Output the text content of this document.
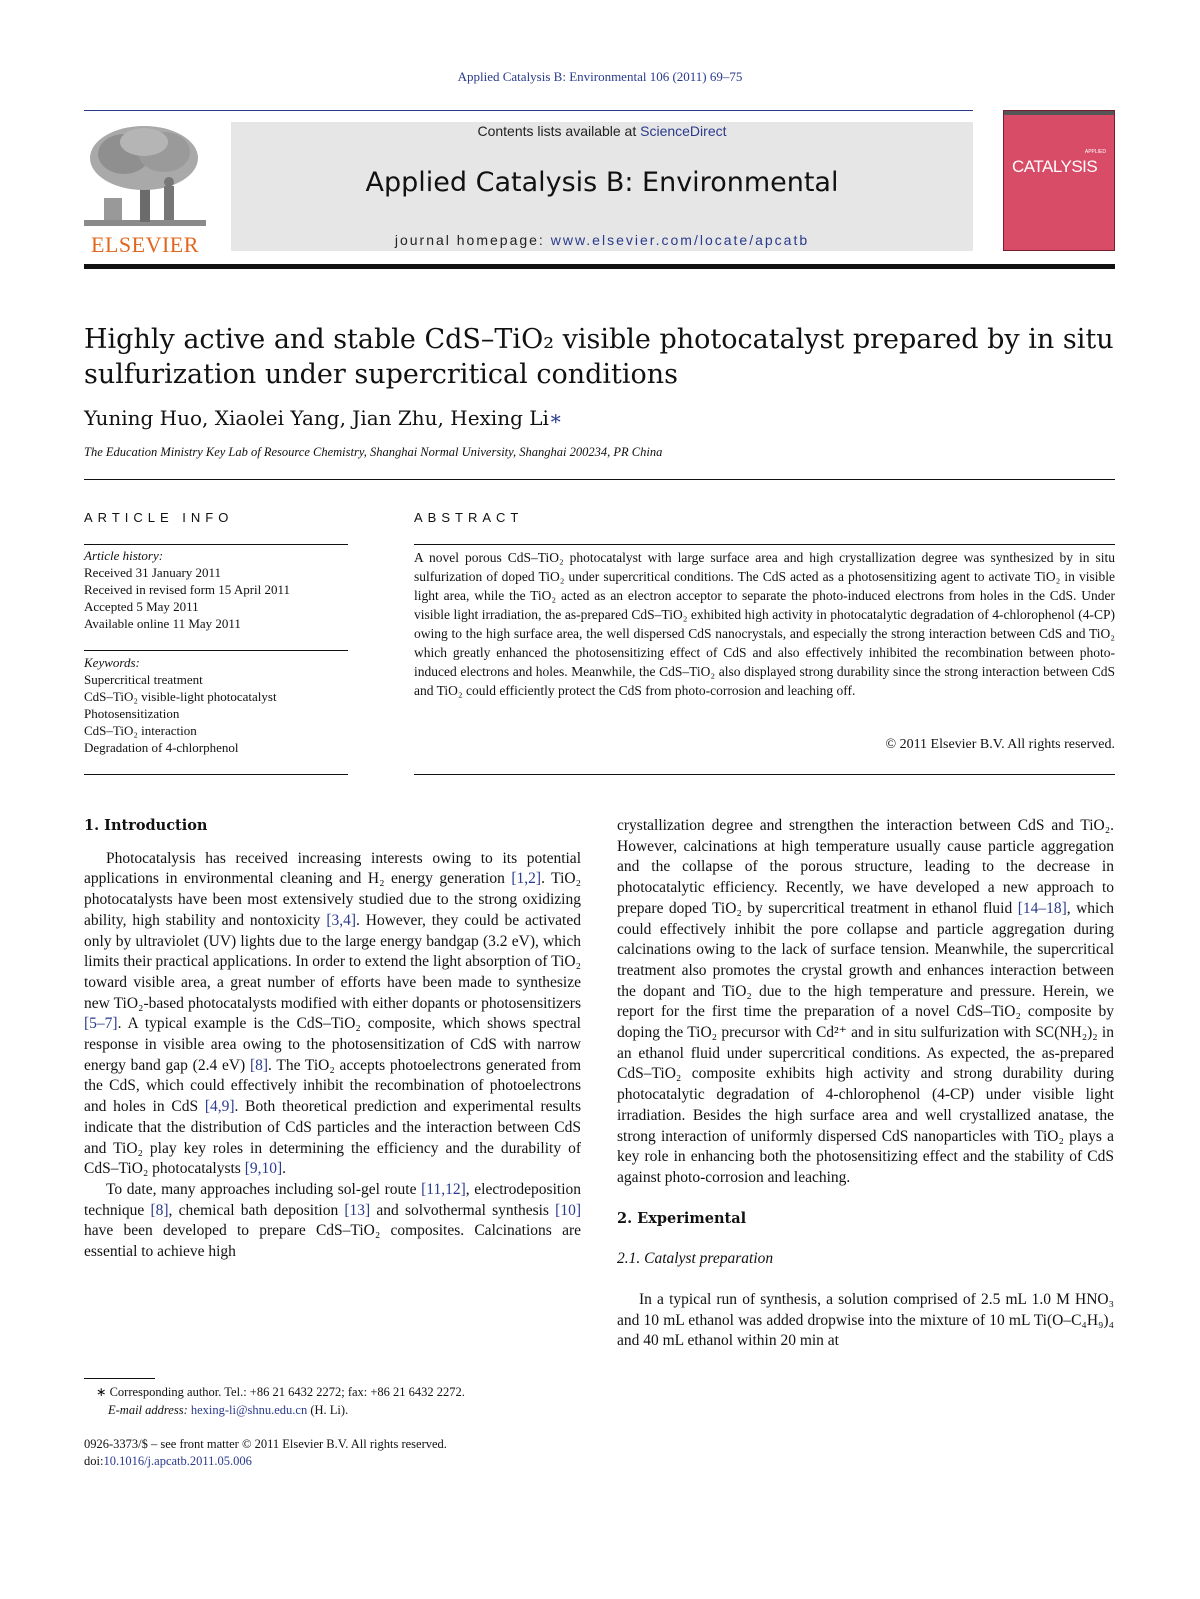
Applied Catalysis B: Environmental 106 (2011) 69–75
ELSEVIER
Contents lists available at ScienceDirect
Applied Catalysis B: Environmental
journal homepage: www.elsevier.com/locate/apcatb
APPLIED
CATALYSIS
Highly active and stable CdS–TiO₂ visible photocatalyst prepared by in situ
sulfurization under supercritical conditions
Yuning Huo, Xiaolei Yang, Jian Zhu, Hexing Li∗
The Education Ministry Key Lab of Resource Chemistry, Shanghai Normal University, Shanghai 200234, PR China
ARTICLE INFO
Article history:
Received 31 January 2011
Received in revised form 15 April 2011
Accepted 5 May 2011
Available online 11 May 2011
Keywords:
Supercritical treatment
CdS–TiO₂ visible-light photocatalyst
Photosensitization
CdS–TiO₂ interaction
Degradation of 4-chlorphenol
ABSTRACT
A novel porous CdS–TiO₂ photocatalyst with large surface area and high crystallization degree was synthesized by in situ sulfurization of doped TiO₂ under supercritical conditions. The CdS acted as a photosensitizing agent to activate TiO₂ in visible light area, while the TiO₂ acted as an electron acceptor to separate the photo-induced electrons from holes in the CdS. Under visible light irradiation, the as-prepared CdS–TiO₂ exhibited high activity in photocatalytic degradation of 4-chlorophenol (4-CP) owing to the high surface area, the well dispersed CdS nanocrystals, and especially the strong interaction between CdS and TiO₂ which greatly enhanced the photosensitizing effect of CdS and also effectively inhibited the recombination between photo-induced electrons and holes. Meanwhile, the CdS–TiO₂ also displayed strong durability since the strong interaction between CdS and TiO₂ could efficiently protect the CdS from photo-corrosion and leaching off.
© 2011 Elsevier B.V. All rights reserved.
1. Introduction

Photocatalysis has received increasing interests owing to its potential applications in environmental cleaning and H₂ energy generation [1,2]. TiO₂ photocatalysts have been most extensively studied due to the strong oxidizing ability, high stability and nontoxicity [3,4]. However, they could be activated only by ultraviolet (UV) lights due to the large energy bandgap (3.2 eV), which limits their practical applications. In order to extend the light absorption of TiO₂ toward visible area, a great number of efforts have been made to synthesize new TiO₂-based photocatalysts modified with either dopants or photosensitizers [5–7]. A typical example is the CdS–TiO₂ composite, which shows spectral response in visible area owing to the photosensitization of CdS with narrow energy band gap (2.4 eV) [8]. The TiO₂ accepts photoelectrons generated from the CdS, which could effectively inhibit the recombination of photoelectrons and holes in CdS [4,9]. Both theoretical prediction and experimental results indicate that the distribution of CdS particles and the interaction between CdS and TiO₂ play key roles in determining the efficiency and the durability of CdS–TiO₂ photocatalysts [9,10].

To date, many approaches including sol-gel route [11,12], electrodeposition technique [8], chemical bath deposition [13] and solvothermal synthesis [10] have been developed to prepare CdS–TiO₂ composites. Calcinations are essential to achieve high

crystallization degree and strengthen the interaction between CdS and TiO₂. However, calcinations at high temperature usually cause particle aggregation and the collapse of the porous structure, leading to the decrease in photocatalytic efficiency. Recently, we have developed a new approach to prepare doped TiO₂ by supercritical treatment in ethanol fluid [14–18], which could effectively inhibit the pore collapse and particle aggregation during calcinations owing to the lack of surface tension. Meanwhile, the supercritical treatment also promotes the crystal growth and enhances interaction between the dopant and TiO₂ due to the high temperature and pressure. Herein, we report for the first time the preparation of a novel CdS–TiO₂ composite by doping the TiO₂ precursor with Cd²⁺ and in situ sulfurization with SC(NH₂)₂ in an ethanol fluid under supercritical conditions. As expected, the as-prepared CdS–TiO₂ composite exhibits high activity and strong durability during photocatalytic degradation of 4-chlorophenol (4-CP) under visible light irradiation. Besides the high surface area and well crystallized anatase, the strong interaction of uniformly dispersed CdS nanoparticles with TiO₂ plays a key role in enhancing both the photosensitizing effect and the stability of CdS against photo-corrosion and leaching.
2. Experimental
2.1. Catalyst preparation

In a typical run of synthesis, a solution comprised of 2.5 mL 1.0 M HNO₃ and 10 mL ethanol was added dropwise into the mixture of 10 mL Ti(O–C₄H₉)₄ and 40 mL ethanol within 20 min at

∗ Corresponding author. Tel.: +86 21 6432 2272; fax: +86 21 6432 2272.
E-mail address: hexing-li@shnu.edu.cn (H. Li).
0926-3373/$ – see front matter © 2011 Elsevier B.V. All rights reserved.
doi:10.1016/j.apcatb.2011.05.006
